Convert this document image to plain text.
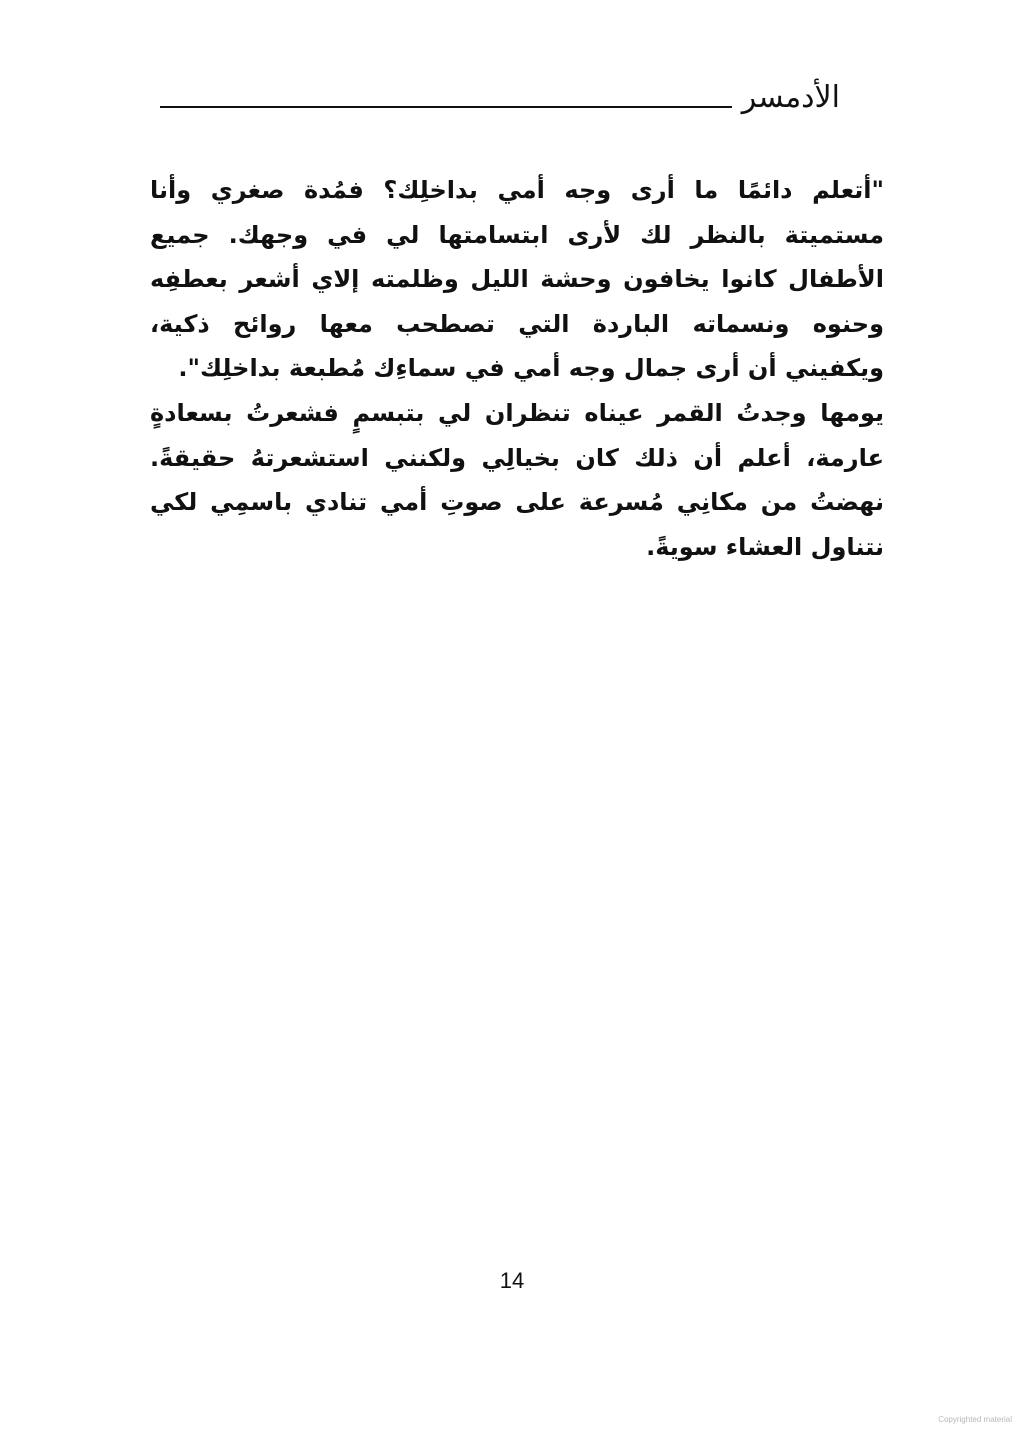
الأدمسر

"أتعلم دائمًا ما أرى وجه أمي بداخلِك؟ فمُدة صغري وأنا مستميتة بالنظر لك لأرى ابتسامتها لي في وجهك. جميع الأطفال كانوا يخافون وحشة الليل وظلمته إلاي أشعر بعطفِه وحنوه ونسماته الباردة التي تصطحب معها روائح ذكية، ويكفيني أن أرى جمال وجه أمي في سماءِك مُطبعة بداخلِك".

يومها وجدتُ القمر عيناه تنظران لي بتبسمٍ فشعرتُ بسعادةٍ عارمة، أعلم أن ذلك كان بخيالِي ولكنني استشعرتهُ حقيقةً. نهضتُ من مكانِي مُسرعة على صوتِ أمي تنادي باسمِي لكي نتناول العشاء سويةً.

14
Copyrighted material
